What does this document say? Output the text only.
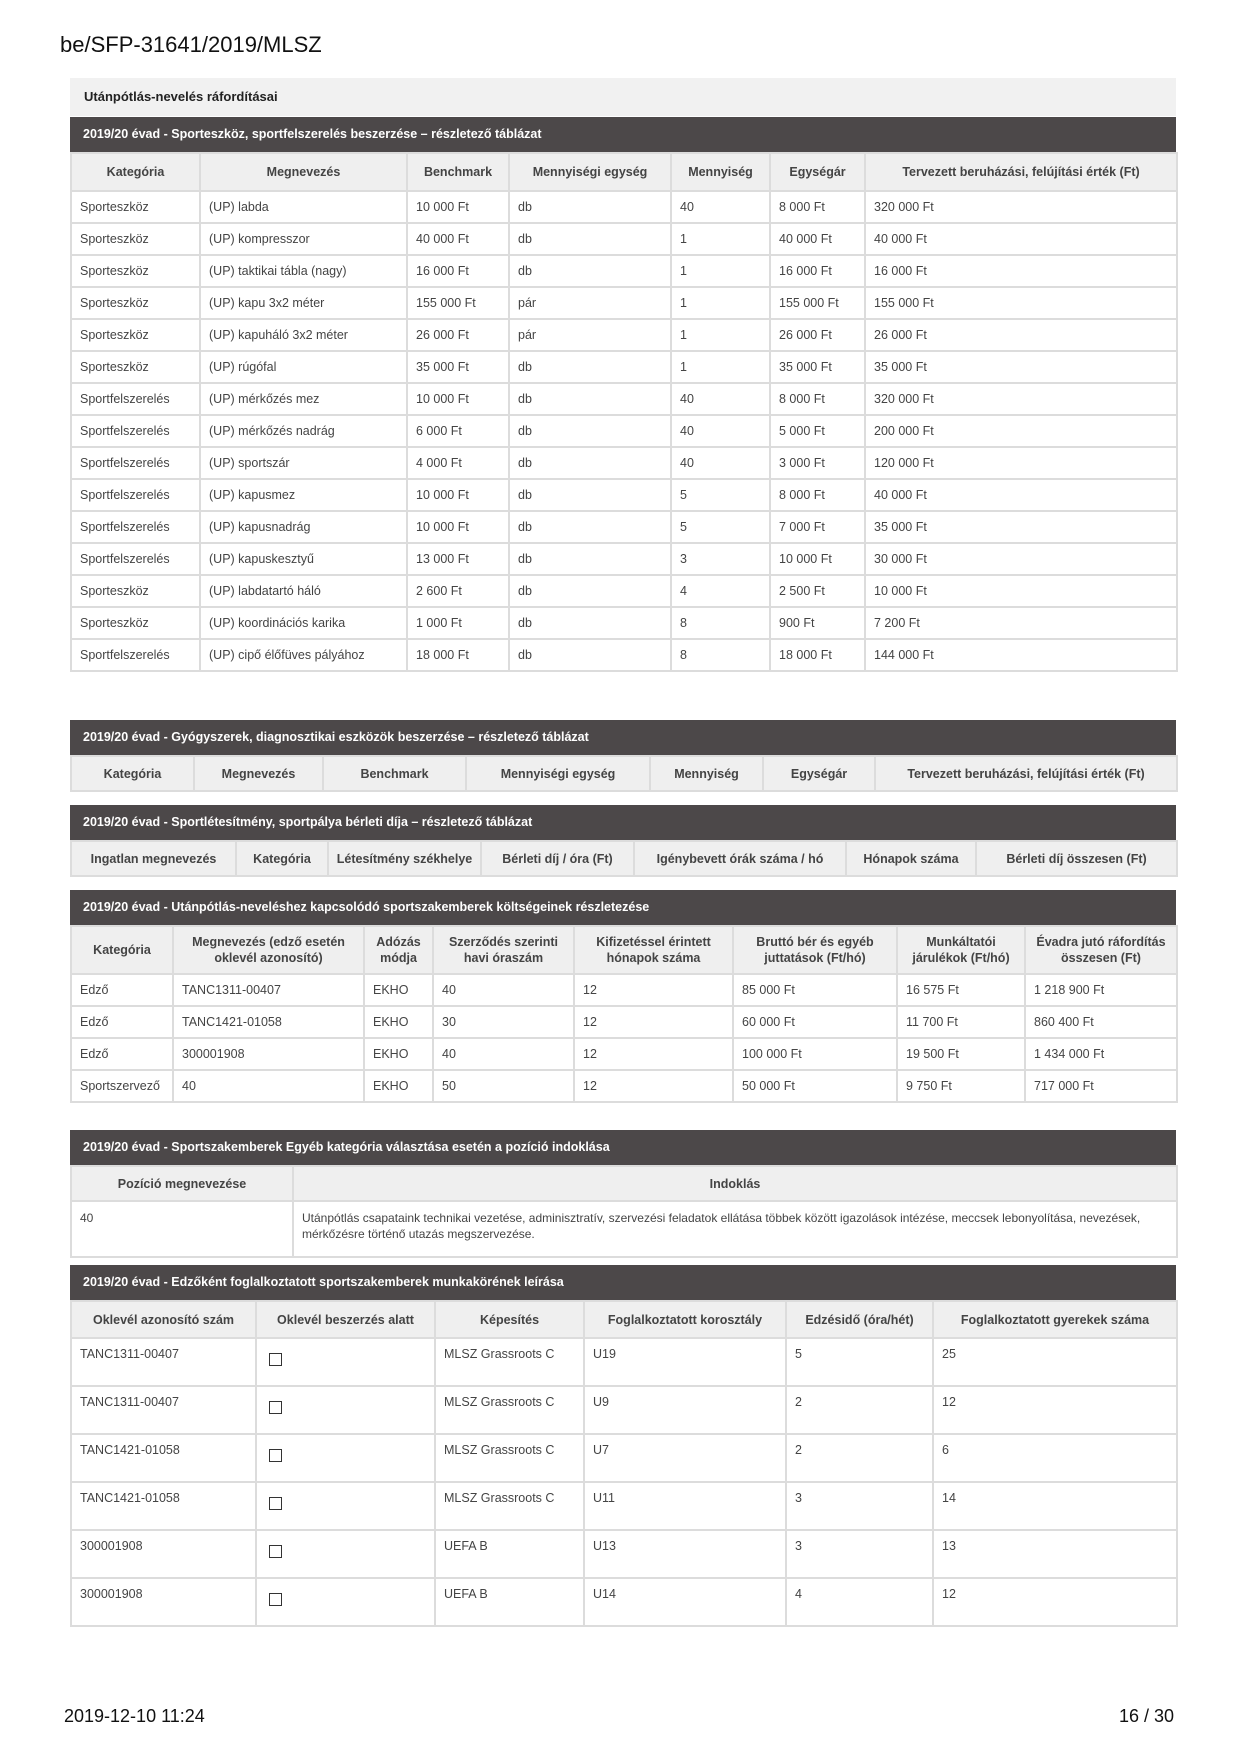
be/SFP-31641/2019/MLSZ
Utánpótlás-nevelés ráfordításai
2019/20 évad - Sporteszköz, sportfelszerelés beszerzése – részletező táblázat
Kategória	Megnevezés	Benchmark	Mennyiségi egység	Mennyiség	Egységár	Tervezett beruházási, felújítási érték (Ft)
Sporteszköz	(UP) labda	10 000 Ft	db	40	8 000 Ft	320 000 Ft
Sporteszköz	(UP) kompresszor	40 000 Ft	db	1	40 000 Ft	40 000 Ft
Sporteszköz	(UP) taktikai tábla (nagy)	16 000 Ft	db	1	16 000 Ft	16 000 Ft
Sporteszköz	(UP) kapu 3x2 méter	155 000 Ft	pár	1	155 000 Ft	155 000 Ft
Sporteszköz	(UP) kapuháló 3x2 méter	26 000 Ft	pár	1	26 000 Ft	26 000 Ft
Sporteszköz	(UP) rúgófal	35 000 Ft	db	1	35 000 Ft	35 000 Ft
Sportfelszerelés	(UP) mérkőzés mez	10 000 Ft	db	40	8 000 Ft	320 000 Ft
Sportfelszerelés	(UP) mérkőzés nadrág	6 000 Ft	db	40	5 000 Ft	200 000 Ft
Sportfelszerelés	(UP) sportszár	4 000 Ft	db	40	3 000 Ft	120 000 Ft
Sportfelszerelés	(UP) kapusmez	10 000 Ft	db	5	8 000 Ft	40 000 Ft
Sportfelszerelés	(UP) kapusnadrág	10 000 Ft	db	5	7 000 Ft	35 000 Ft
Sportfelszerelés	(UP) kapuskesztyű	13 000 Ft	db	3	10 000 Ft	30 000 Ft
Sporteszköz	(UP) labdatartó háló	2 600 Ft	db	4	2 500 Ft	10 000 Ft
Sporteszköz	(UP) koordinációs karika	1 000 Ft	db	8	900 Ft	7 200 Ft
Sportfelszerelés	(UP) cipő élőfüves pályához	18 000 Ft	db	8	18 000 Ft	144 000 Ft
2019/20 évad - Gyógyszerek, diagnosztikai eszközök beszerzése – részletező táblázat
Kategória	Megnevezés	Benchmark	Mennyiségi egység	Mennyiség	Egységár	Tervezett beruházási, felújítási érték (Ft)
2019/20 évad - Sportlétesítmény, sportpálya bérleti díja – részletező táblázat
Ingatlan megnevezés	Kategória	Létesítmény székhelye	Bérleti díj / óra (Ft)	Igénybevett órák száma / hó	Hónapok száma	Bérleti díj összesen (Ft)
2019/20 évad - Utánpótlás-neveléshez kapcsolódó sportszakemberek költségeinek részletezése
Kategória	Megnevezés (edző esetén oklevél azonosító)	Adózás módja	Szerződés szerinti havi óraszám	Kifizetéssel érintett hónapok száma	Bruttó bér és egyéb juttatások (Ft/hó)	Munkáltatói járulékok (Ft/hó)	Évadra jutó ráfordítás összesen (Ft)
Edző	TANC1311-00407	EKHO	40	12	85 000 Ft	16 575 Ft	1 218 900 Ft
Edző	TANC1421-01058	EKHO	30	12	60 000 Ft	11 700 Ft	860 400 Ft
Edző	300001908	EKHO	40	12	100 000 Ft	19 500 Ft	1 434 000 Ft
Sportszervező	40	EKHO	50	12	50 000 Ft	9 750 Ft	717 000 Ft
2019/20 évad - Sportszakemberek Egyéb kategória választása esetén a pozíció indoklása
Pozíció megnevezése	Indoklás
40	Utánpótlás csapataink technikai vezetése, adminisztratív, szervezési feladatok ellátása többek között igazolások intézése, meccsek lebonyolítása, nevezések, mérkőzésre történő utazás megszervezése.
2019/20 évad - Edzőként foglalkoztatott sportszakemberek munkakörének leírása
Oklevél azonosító szám	Oklevél beszerzés alatt	Képesítés	Foglalkoztatott korosztály	Edzésidő (óra/hét)	Foglalkoztatott gyerekek száma
TANC1311-00407		MLSZ Grassroots C	U19	5	25
TANC1311-00407		MLSZ Grassroots C	U9	2	12
TANC1421-01058		MLSZ Grassroots C	U7	2	6
TANC1421-01058		MLSZ Grassroots C	U11	3	14
300001908		UEFA B	U13	3	13
300001908		UEFA B	U14	4	12
2019-12-10 11:24	16 / 30
